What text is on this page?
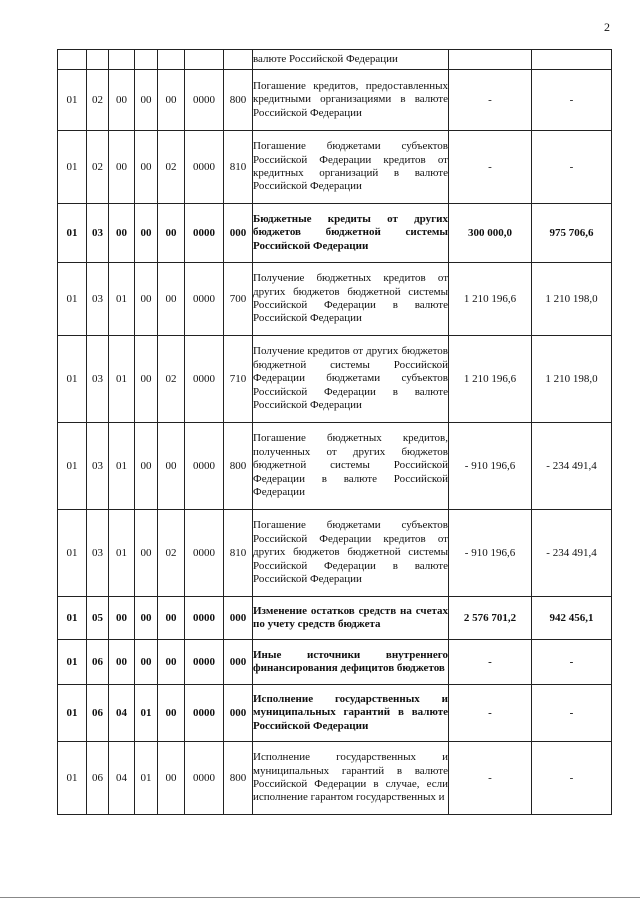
2
							валюте Российской Федерации		
01	02	00	00	00	0000	800	Погашение кредитов, предоставленных кредитными организациями в валюте Российской Федерации	-	-
01	02	00	00	02	0000	810	Погашение бюджетами субъектов Российской Федерации кредитов от кредитных организаций в валюте Российской Федерации	-	-
01	03	00	00	00	0000	000	Бюджетные кредиты от других бюджетов бюджетной системы Российской Федерации	300 000,0	975 706,6
01	03	01	00	00	0000	700	Получение бюджетных кредитов от других бюджетов бюджетной системы Российской Федерации в валюте Российской Федерации	1 210 196,6	1 210 198,0
01	03	01	00	02	0000	710	Получение кредитов от других бюджетов бюджетной системы Российской Федерации бюджетами субъектов Российской Федерации в валюте Российской Федерации	1 210 196,6	1 210 198,0
01	03	01	00	00	0000	800	Погашение бюджетных кредитов, полученных от других бюджетов бюджетной системы Российской Федерации в валюте Российской Федерации	- 910 196,6	- 234 491,4
01	03	01	00	02	0000	810	Погашение бюджетами субъектов Российской Федерации кредитов от других бюджетов бюджетной системы Российской Федерации в валюте Российской Федерации	- 910 196,6	- 234 491,4
01	05	00	00	00	0000	000	Изменение остатков средств на счетах по учету средств бюджета	2 576 701,2	942 456,1
01	06	00	00	00	0000	000	Иные источники внутреннего финансирования дефицитов бюджетов	-	-
01	06	04	01	00	0000	000	Исполнение государственных и муниципальных гарантий в валюте Российской Федерации	-	-
01	06	04	01	00	0000	800	Исполнение государственных и муниципальных гарантий в валюте Российской Федерации в случае, если исполнение гарантом государственных и	-	-
